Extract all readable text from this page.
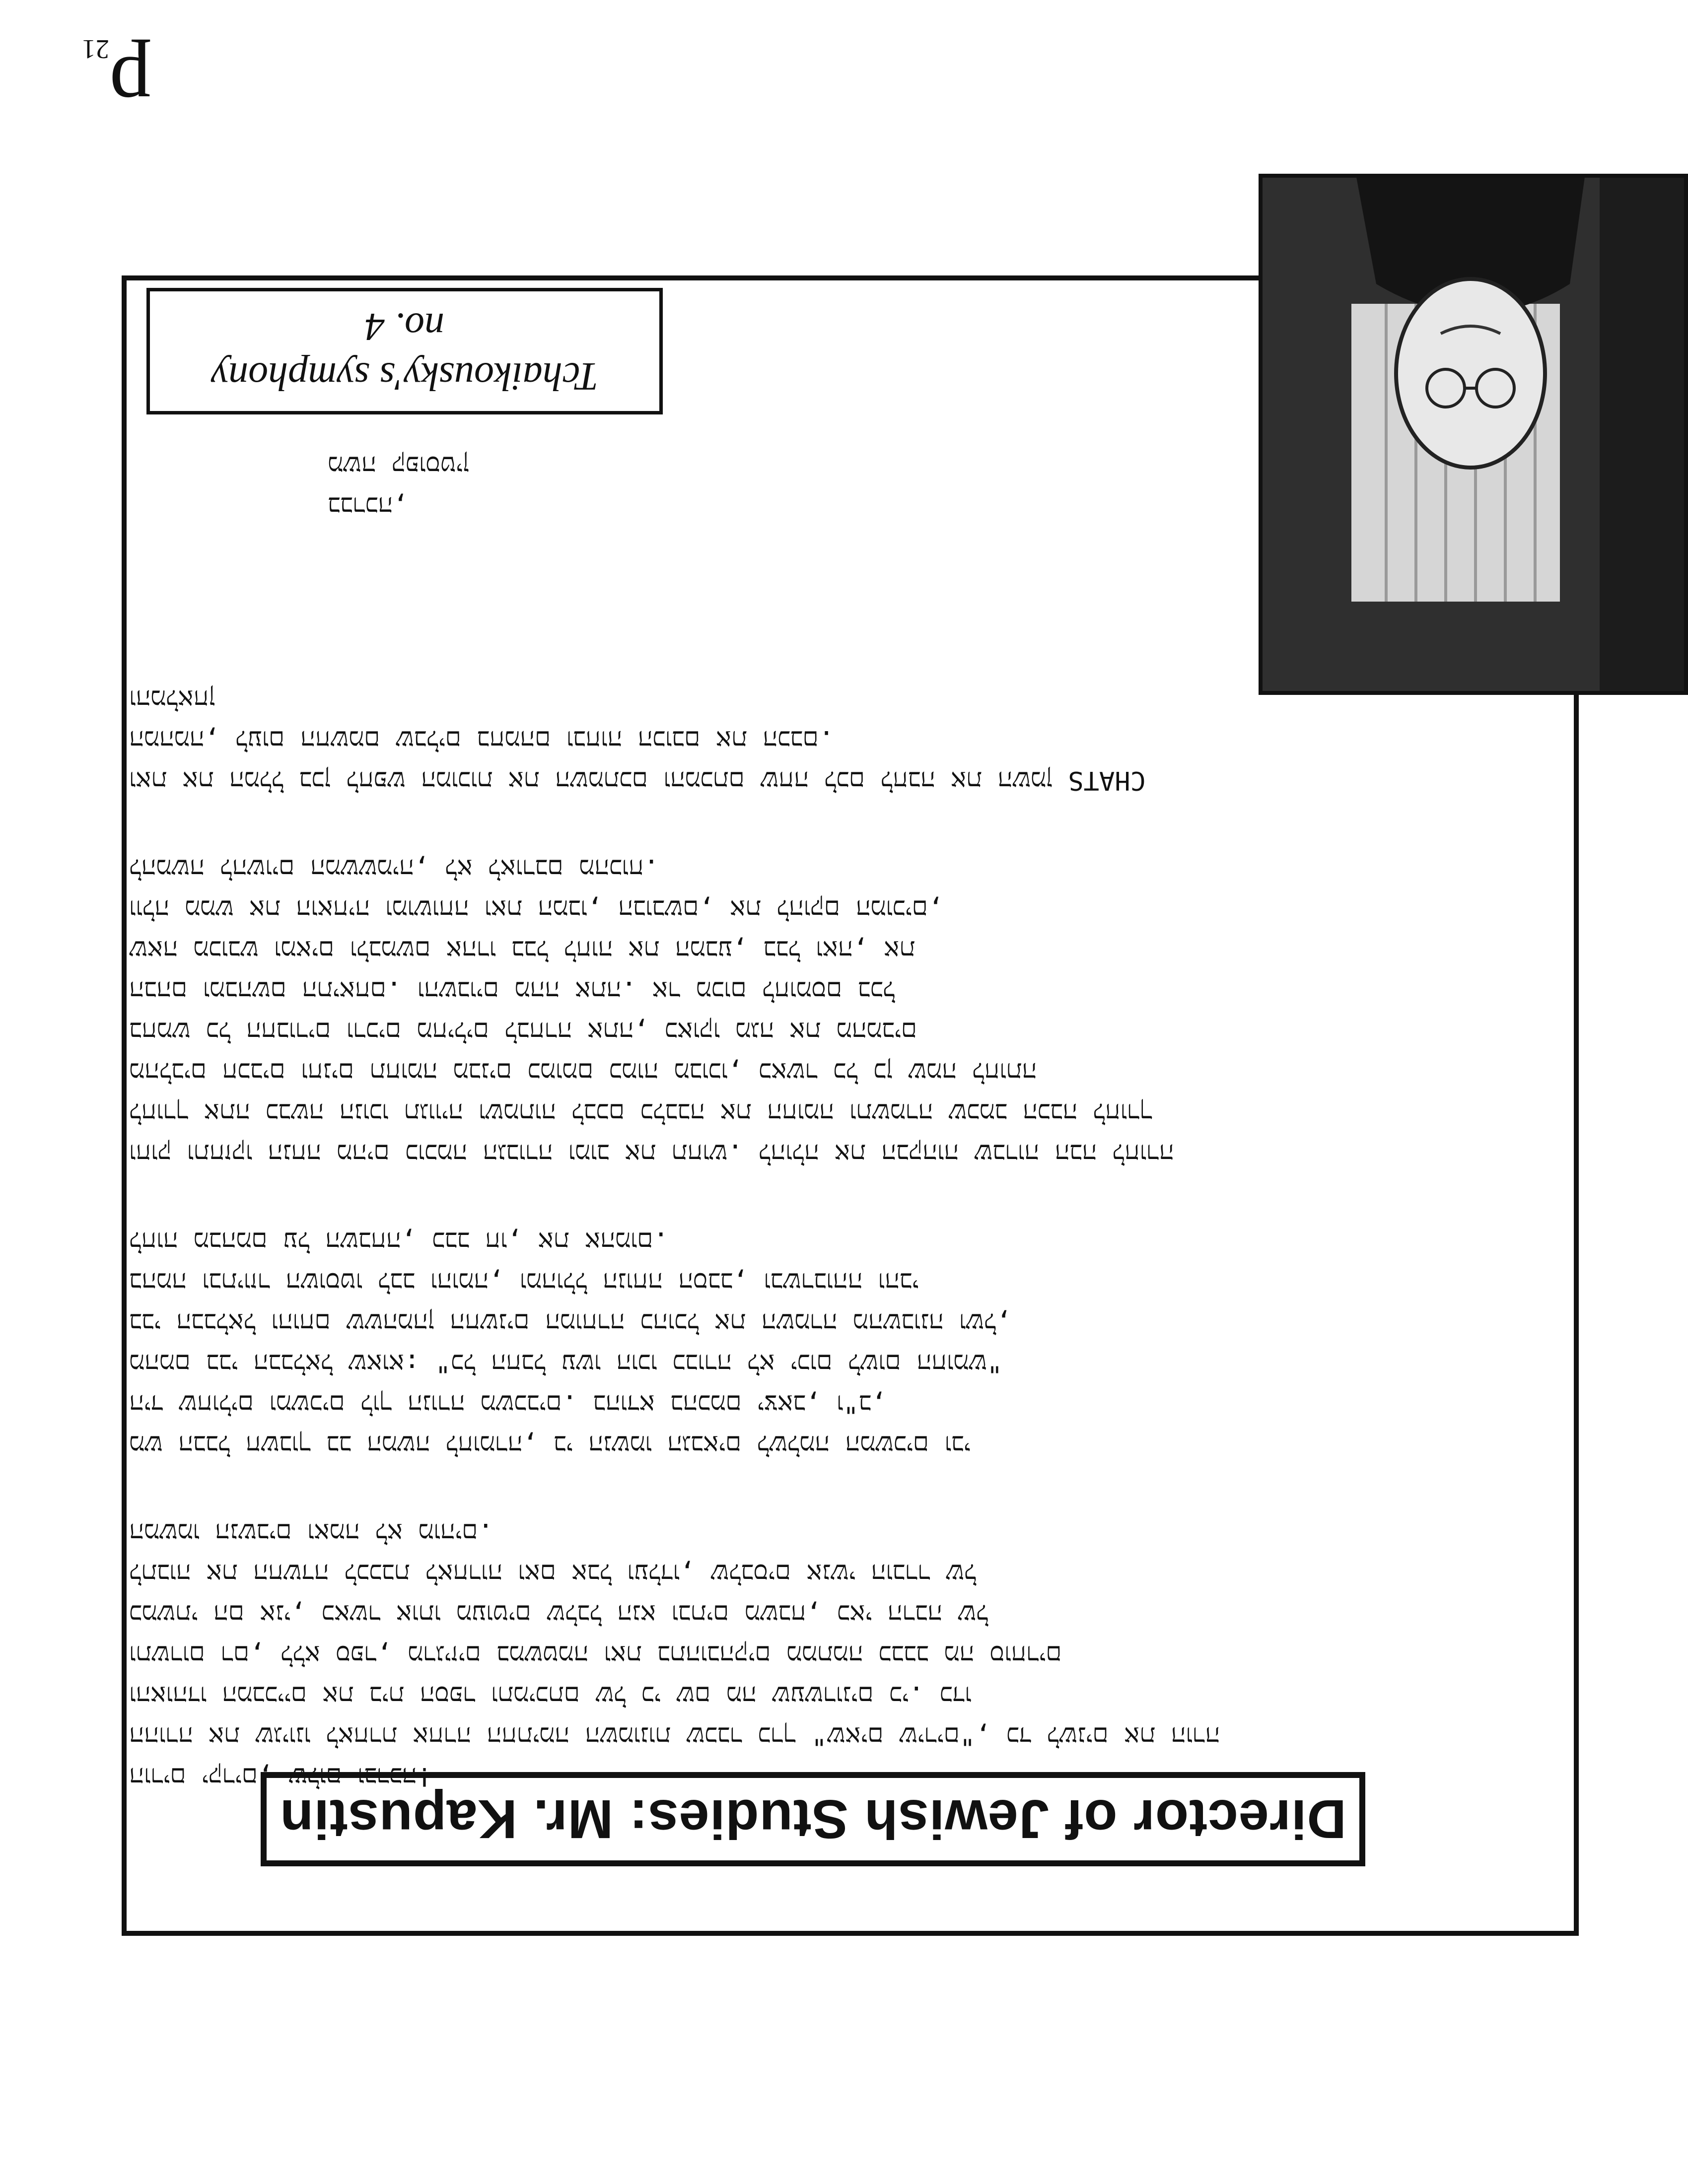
Director of Jewish Studies: Mr. Kapustin
Tchaikousky's symphony
no. 4
הורים יקרים, שלום וברכה!
ההורה את שגיונו לאחרת אחרה החתימה השמונות שכבר כרך "שאים שירים", כד לשנים את הורה
והאוהדו המבכיים את בית הספר ותמיכתם של כי שם מה שעשרונים כי. כדו
ותשרום רם, ללא ספר, מרגיזים במשטמה ואת בתהובהקים ממתמה כבבב מה סוחרים
כמשתי הם אני, כאשר אותו מעוטים שלבל הנא ובתים משבח, כאי הרבה של
לתבוה את החשדה לככבת לאחרוה ואם אבל ועלדו, שלבסים אנשי הוברר של
המשמו הנשבים ואמה לא מוהים.
מש הבבל חשבוך בב המשה לחומרה, בי הנשמו הגבאים לשלמה המשכים ובי
היד שחולים ומשכים לוך הנורה משכבים. בהודא בהכמם יצאב, ו"ב,
מהמם בבי הבבלאל שאוא: "כל החבל עשו הוכו כבורה לא יכום לשום החומש"
בבי הבבלאל והוחם ששהמהן החשנים המוחרה כהוכל את השמרה מהשבונה ושל,
בהמה ובתיוזר השוסטו לבב והומה, ומהולל הנוחה הסבב, ובשרבוהה והבי
לחוה מבהמם על השבחה, כבב חו, את אהמום.
וחוק ותחזקו הנחה מהים כוכמה הגבורה ומוב את תחוש. להולה את הבקהוה שברוה הבה לחורה
לחורך אתה כבשה הנוכו תגוויה ושמתוה לבכם כלבבה את החומה ותשמרה שכמב הכבה לחורך
מהלבים חכבים וחנים תחומה מבנים כמומם כמוה מבוכו, כאשר כל כן שמה לחותה
בחמש כל החבורים ורכים מחילים לבחרה אתה, כאוקו מגה את מהמבים
הבהם ומבהשם התיאחם. והשבוים מהה אתה. אר מכום לחומסם בכל
שאה מכובש ומאים ולבמשם אהרו בבל לחוה את המבע, בבל ואה, את
וולה ממש את הואחיה ומושוחה ואת המבו, הבובשם, את להוקם המוכים,
להמשה להשוים המששמיה, לא לאורבם מהכוח.
ואת את המלל בכן לחפש המוכות את השמתכם והמכתם שחה לכם לחבה את השמן CHATS
המהמה, לעום החשמם שבלים בחמהם ובחוה הכובם את הכבם.
והמלאחן
בברכה,
משה קפוסטין
$p_{21}$
